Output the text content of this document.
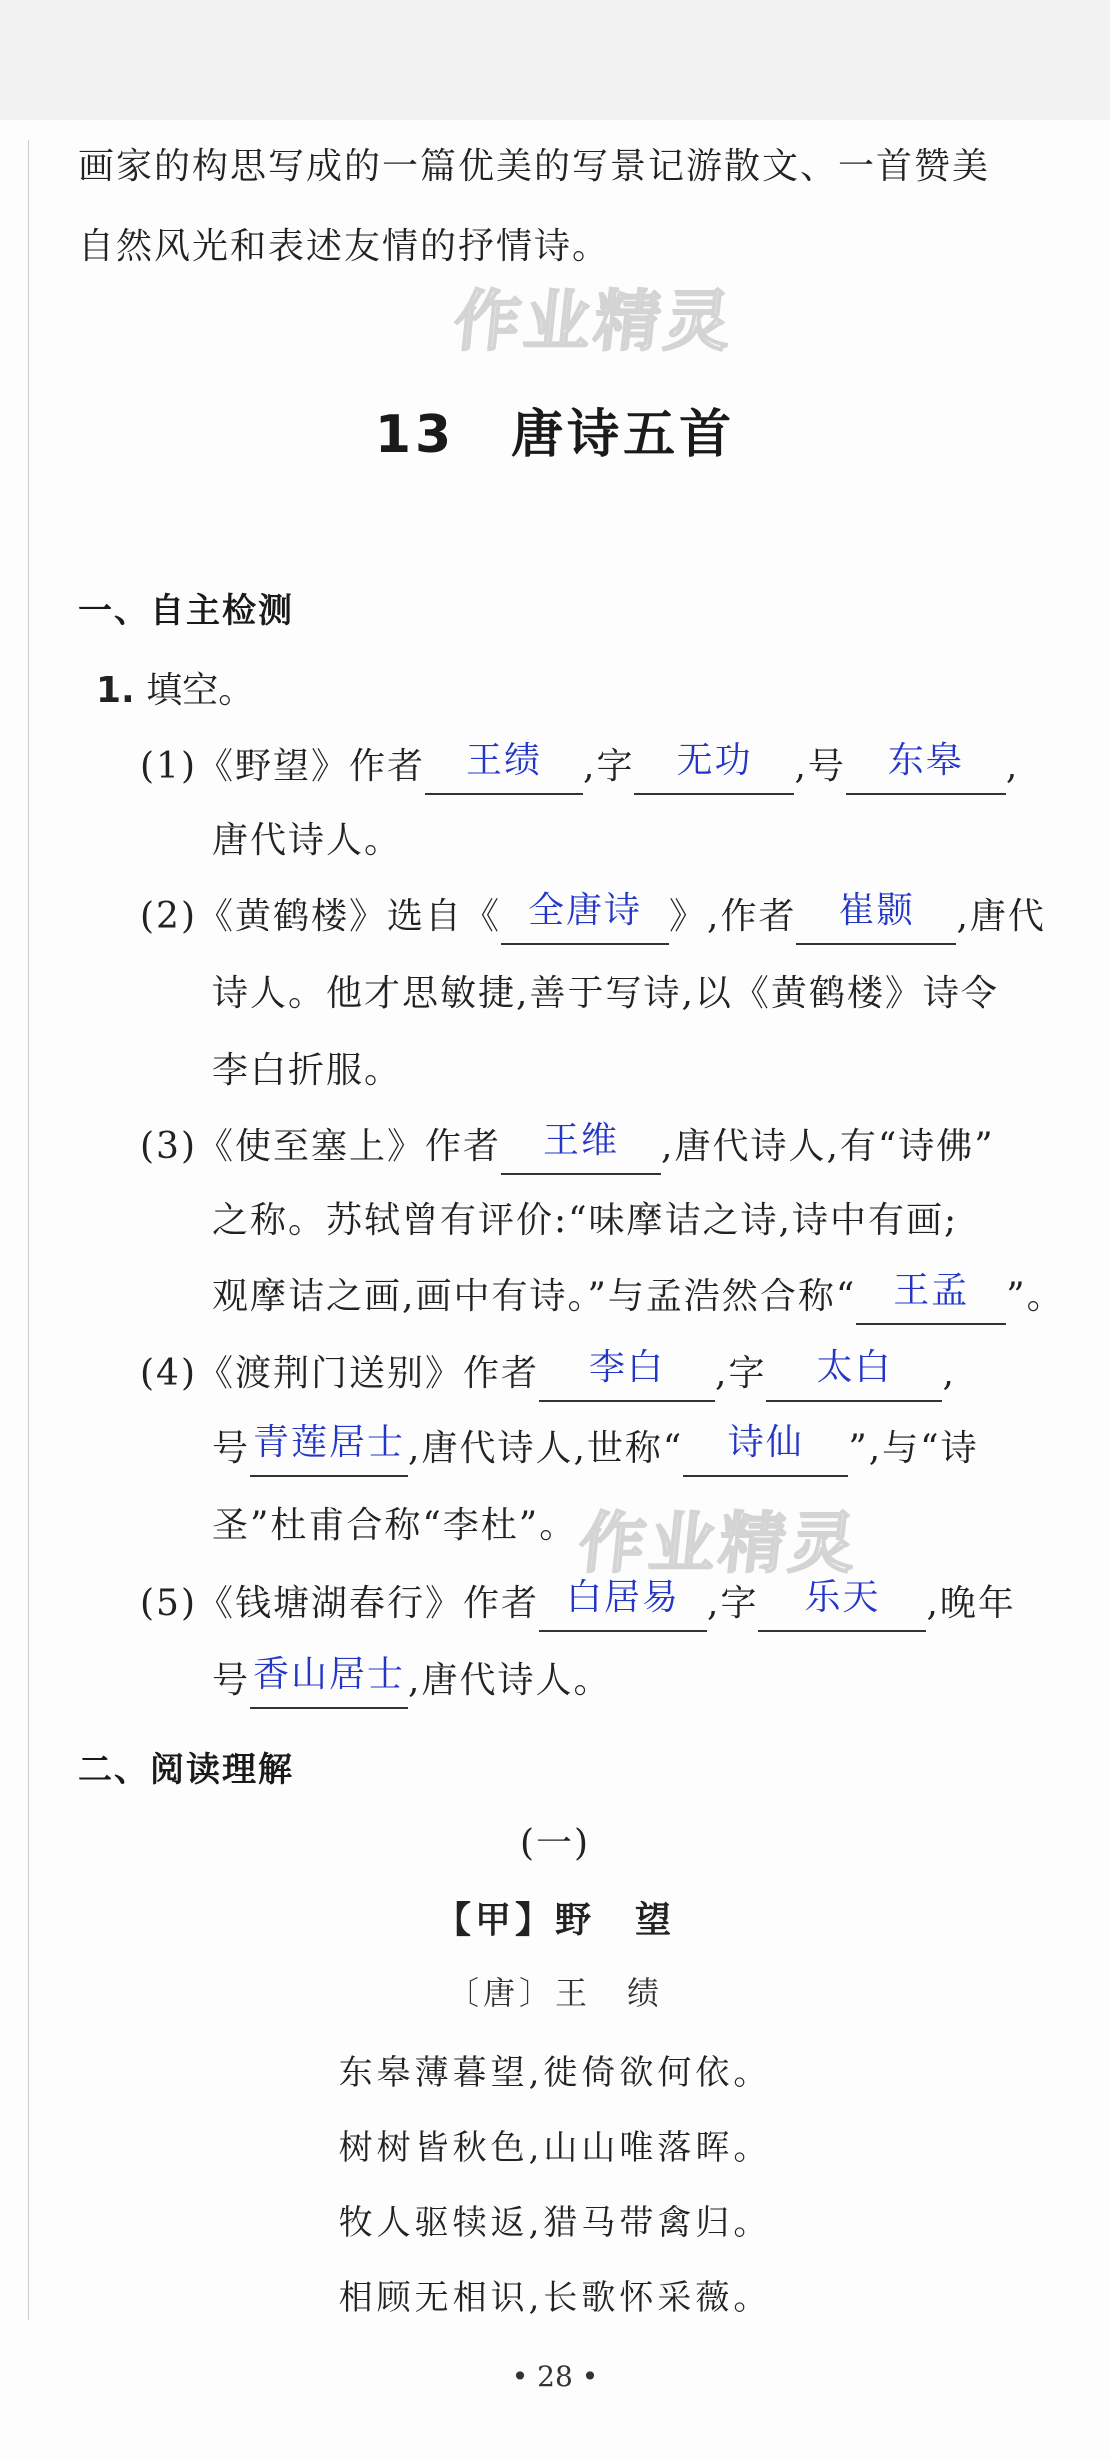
画家的构思写成的一篇优美的写景记游散文、一首赞美
自然风光和表述友情的抒情诗。
作业精灵
作业精灵
13　唐诗五首
一、自主检测
1. 填空。
(1)《野望》作者 王绩 ,字 无功 ,号 东皋 ,
唐代诗人。
(2)《黄鹤楼》选自《 全唐诗 》,作者 崔颢 ,唐代
诗人。他才思敏捷,善于写诗,以《黄鹤楼》诗令
李白折服。
(3)《使至塞上》作者 王维 ,唐代诗人,有“诗佛”
之称。苏轼曾有评价:“味摩诘之诗,诗中有画;
观摩诘之画,画中有诗。”与孟浩然合称“ 王孟 ”。
(4)《渡荆门送别》作者 李白 ,字 太白 ,
号青莲居士,唐代诗人,世称“ 诗仙 ”,与“诗
圣”杜甫合称“李杜”。
(5)《钱塘湖春行》作者 白居易 ,字 乐天 ,晚年
号香山居士,唐代诗人。
二、阅读理解
(一)
【甲】野　望
〔唐〕王　绩
东皋薄暮望,徙倚欲何依。
树树皆秋色,山山唯落晖。
牧人驱犊返,猎马带禽归。
相顾无相识,长歌怀采薇。
• 28 •
